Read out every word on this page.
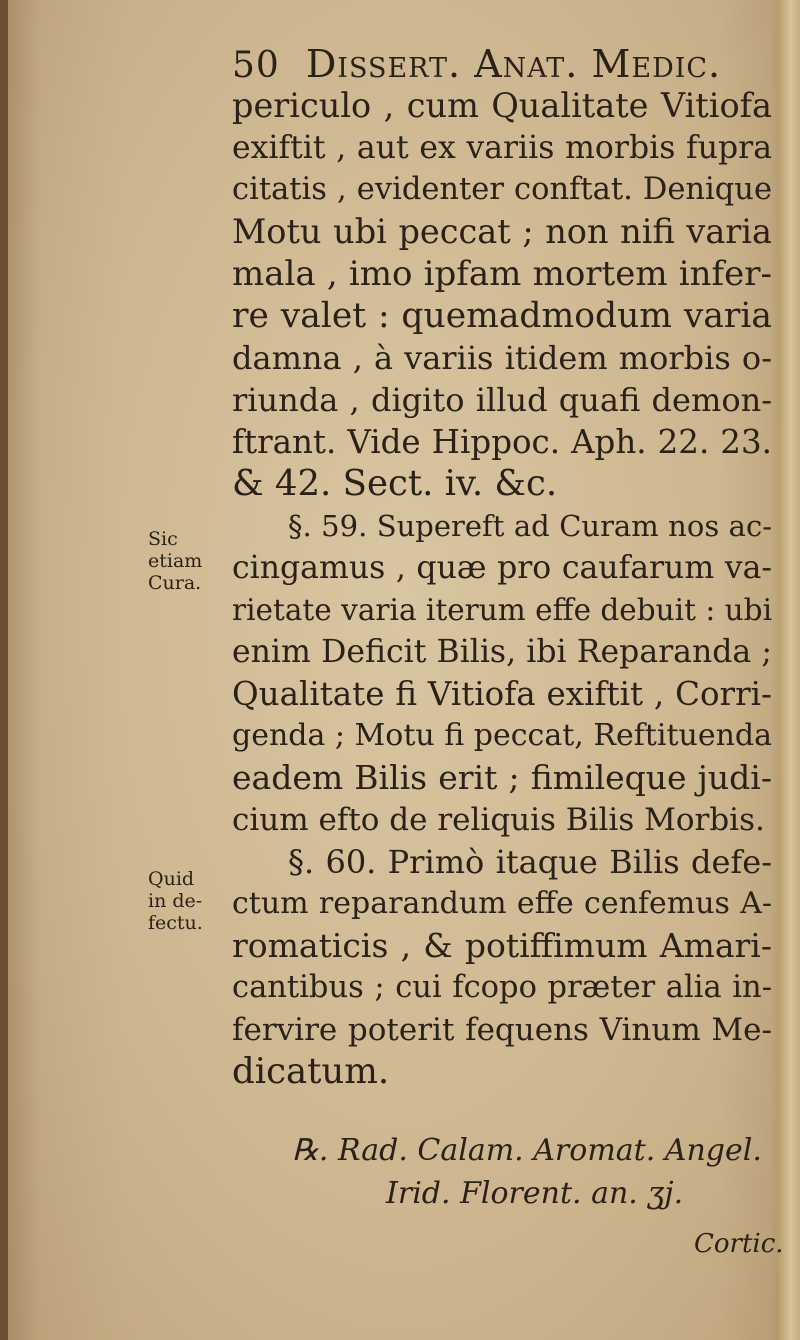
50 Dissert. Anat. Medic.
periculo , cum Qualitate Vitiofa
exiftit , aut ex variis morbis fupra
citatis , evidenter conftat. Denique
Motu ubi peccat ; non nifi varia
mala , imo ipfam mortem infer-
re valet : quemadmodum varia
damna , à variis itidem morbis o-
riunda , digito illud quafi demon-
ftrant. Vide Hippoc. Aph. 22. 23.
& 42. Sect. iv. &c.
§. 59. Supereft ad Curam nos ac-
cingamus , quæ pro caufarum va-
rietate varia iterum effe debuit : ubi
enim Deficit Bilis, ibi Reparanda ;
Qualitate fi Vitiofa exiftit , Corri-
genda ; Motu fi peccat, Reftituenda
eadem Bilis erit ; fimileque judi-
cium efto de reliquis Bilis Morbis.
§. 60. Primò itaque Bilis defe-
ctum reparandum effe cenfemus A-
romaticis , & potiffimum Amari-
cantibus ; cui fcopo præter alia in-
fervire poterit fequens Vinum Me-
dicatum.
Sic
etiam
Cura.
Quid
in de-
fectu.
℞. Rad. Calam. Aromat. Angel.
Irid. Florent. an. ʒj.
Cortic.
